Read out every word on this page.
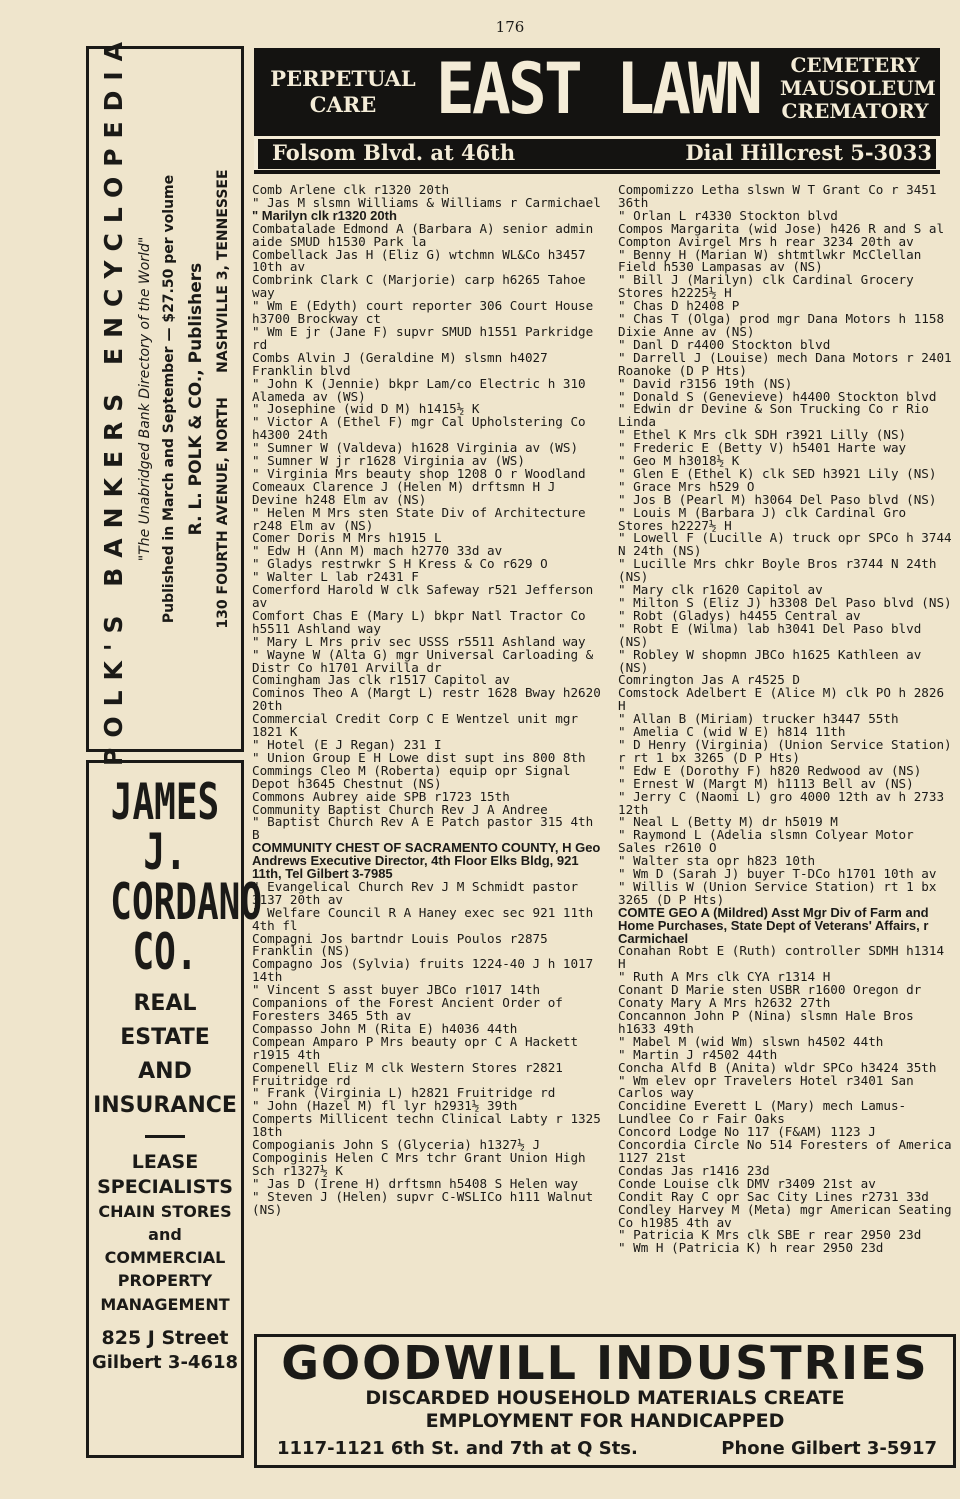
176
POLK'S BANKERS ENCYCLOPEDIA "The Unabridged Bank Directory of the World" Published in March and September — $27.50 per volume R. L. POLK & CO., Publishers 130 FOURTH AVENUE, NORTH     NASHVILLE 3, TENNESSEE
JAMES
J.
CORDANO
CO.
REAL
ESTATE
AND
INSURANCE
LEASE
SPECIALISTS
CHAIN STORES
and
COMMERCIAL
PROPERTY
MANAGEMENT
825 J Street
Gilbert 3-4618
PERPETUAL
CARE EAST LAWN	CEMETERY
MAUSOLEUM
CREMATORY
Folsom Blvd. at 46th	Dial Hillcrest 5-3033
Comb Arlene clk r1320 20th
" Jas M slsmn Williams & Williams r Carmichael
" Marilyn clk r1320 20th
Combatalade Edmond A (Barbara A) senior admin aide SMUD h1530 Park la
Combellack Jas H (Eliz G) wtchmn WL&Co h3457 10th av
Combrink Clark C (Marjorie) carp h6265 Tahoe way
" Wm E (Edyth) court reporter 306 Court House h3700 Brockway ct
" Wm E jr (Jane F) supvr SMUD h1551 Parkridge rd
Combs Alvin J (Geraldine M) slsmn h4027 Franklin blvd
" John K (Jennie) bkpr Lam/co Electric h 310 Alameda av (WS)
" Josephine (wid D M) h1415½ K
" Victor A (Ethel F) mgr Cal Upholstering Co h4300 24th
" Sumner W (Valdeva) h1628 Virginia av (WS)
" Sumner W jr r1628 Virginia av (WS)
" Virginia Mrs beauty shop 1208 O r Woodland
Comeaux Clarence J (Helen M) drftsmn H J Devine h248 Elm av (NS)
" Helen M Mrs sten State Div of Architecture r248 Elm av (NS)
Comer Doris M Mrs h1915 L
" Edw H (Ann M) mach h2770 33d av
" Gladys restrwkr S H Kress & Co r629 O
" Walter L lab r2431 F
Comerford Harold W clk Safeway r521 Jefferson av
Comfort Chas E (Mary L) bkpr Natl Tractor Co h5511 Ashland way
" Mary L Mrs priv sec USSS r5511 Ashland way
" Wayne W (Alta G) mgr Universal Carloading & Distr Co h1701 Arvilla dr
Comingham Jas clk r1517 Capitol av
Cominos Theo A (Margt L) restr 1628 Bway h2620 20th
Commercial Credit Corp C E Wentzel unit mgr 1821 K
" Hotel (E J Regan) 231 I
" Union Group E H Lowe dist supt ins 800 8th
Commings Cleo M (Roberta) equip opr Signal Depot h3645 Chestnut (NS)
Commons Aubrey aide SPB r1723 15th
Community Baptist Church Rev J A Andree
" Baptist Church Rev A E Patch pastor 315 4th B
COMMUNITY CHEST OF SACRAMENTO COUNTY, H Geo Andrews Executive Director, 4th Floor Elks Bldg, 921 11th, Tel Gilbert 3-7985
" Evangelical Church Rev J M Schmidt pastor 3137 20th av
" Welfare Council R A Haney exec sec 921 11th 4th fl
Compagni Jos bartndr Louis Poulos r2875 Franklin (NS)
Compagno Jos (Sylvia) fruits 1224-40 J h 1017 14th
" Vincent S asst buyer JBCo r1017 14th
Companions of the Forest Ancient Order of Foresters 3465 5th av
Compasso John M (Rita E) h4036 44th
Compean Amparo P Mrs beauty opr C A Hackett r1915 4th
Compenell Eliz M clk Western Stores r2821 Fruitridge rd
" Frank (Virginia L) h2821 Fruitridge rd
" John (Hazel M) fl lyr h2931½ 39th
Comperts Millicent techn Clinical Labty r 1325 18th
Compogianis John S (Glyceria) h1327½ J
Compoginis Helen C Mrs tchr Grant Union High Sch r1327½ K
" Jas D (Irene H) drftsmn h5408 S Helen way
" Steven J (Helen) supvr C-WSLICo h111 Walnut (NS)
Compomizzo Letha slswn W T Grant Co r 3451 36th
" Orlan L r4330 Stockton blvd
Compos Margarita (wid Jose) h426 R and S al
Compton Avirgel Mrs h rear 3234 20th av
" Benny H (Marian W) shtmtlwkr McClellan Field h530 Lampasas av (NS)
" Bill J (Marilyn) clk Cardinal Grocery Stores h2225½ H
" Chas D h2408 P
" Chas T (Olga) prod mgr Dana Motors h 1158 Dixie Anne av (NS)
" Danl D r4400 Stockton blvd
" Darrell J (Louise) mech Dana Motors r 2401 Roanoke (D P Hts)
" David r3156 19th (NS)
" Donald S (Genevieve) h4400 Stockton blvd
" Edwin dr Devine & Son Trucking Co r Rio Linda
" Ethel K Mrs clk SDH r3921 Lilly (NS)
" Frederic E (Betty V) h5401 Harte way
" Geo M h3018½ K
" Glen E (Ethel K) clk SED h3921 Lily (NS)
" Grace Mrs h529 O
" Jos B (Pearl M) h3064 Del Paso blvd (NS)
" Louis M (Barbara J) clk Cardinal Gro Stores h2227½ H
" Lowell F (Lucille A) truck opr SPCo h 3744 N 24th (NS)
" Lucille Mrs chkr Boyle Bros r3744 N 24th (NS)
" Mary clk r1620 Capitol av
" Milton S (Eliz J) h3308 Del Paso blvd (NS)
" Robt (Gladys) h4455 Central av
" Robt E (Wilma) lab h3041 Del Paso blvd (NS)
" Robley W shopmn JBCo h1625 Kathleen av (NS)
Comrington Jas A r4525 D
Comstock Adelbert E (Alice M) clk PO h 2826 H
" Allan B (Miriam) trucker h3447 55th
" Amelia C (wid W E) h814 11th
" D Henry (Virginia) (Union Service Station) r rt 1 bx 3265 (D P Hts)
" Edw E (Dorothy F) h820 Redwood av (NS)
" Ernest W (Margt M) h1113 Bell av (NS)
" Jerry C (Naomi L) gro 4000 12th av h 2733 12th
" Neal L (Betty M) dr h5019 M
" Raymond L (Adelia slsmn Colyear Motor Sales r2610 O
" Walter sta opr h823 10th
" Wm D (Sarah J) buyer T-DCo h1701 10th av
" Willis W (Union Service Station) rt 1 bx 3265 (D P Hts)
COMTE GEO A (Mildred) Asst Mgr Div of Farm and Home Purchases, State Dept of Veterans' Affairs, r Carmichael
Conahan Robt E (Ruth) controller SDMH h1314 H
" Ruth A Mrs clk CYA r1314 H
Conant D Marie sten USBR r1600 Oregon dr
Conaty Mary A Mrs h2632 27th
Concannon John P (Nina) slsmn Hale Bros h1633 49th
" Mabel M (wid Wm) slswn h4502 44th
" Martin J r4502 44th
Concha Alfd B (Anita) wldr SPCo h3424 35th
" Wm elev opr Travelers Hotel r3401 San Carlos way
Concidine Everett L (Mary) mech Lamus-Lundlee Co r Fair Oaks
Concord Lodge No 117 (F&AM) 1123 J
Concordia Circle No 514 Foresters of America 1127 21st
Condas Jas r1416 23d
Conde Louise clk DMV r3409 21st av
Condit Ray C opr Sac City Lines r2731 33d
Condley Harvey M (Meta) mgr American Seating Co h1985 4th av
" Patricia K Mrs clk SBE r rear 2950 23d
" Wm H (Patricia K) h rear 2950 23d
GOODWILL INDUSTRIES
DISCARDED HOUSEHOLD MATERIALS CREATE
EMPLOYMENT FOR HANDICAPPED
1117-1121 6th St. and 7th at Q Sts.	Phone Gilbert 3-5917
